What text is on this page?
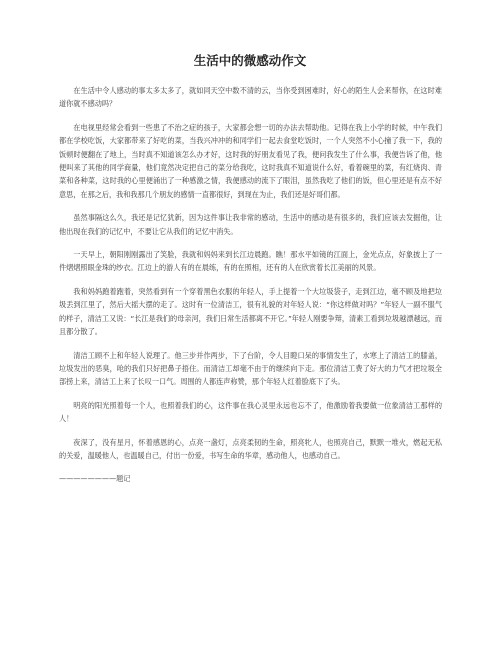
生活中的微感动作文

在生活中令人感动的事太多太多了，就如同天空中数不清的云，当你受到困难时，好心的陌生人会来帮你，在这时难道你就不感动吗？

在电视里经常会看到一些患了不治之症的孩子，大家都会想一切的办法去帮助他。记得在我上小学的时候，中午我们都在学校吃饭，大家都带来了好吃的菜，当我兴冲冲的和同学们一起去食堂吃饭时，一个人突然不小心撞了我一下，我的饭顿时便翻在了地上，当时真不知道该怎么办才好，这时我的好朋友看见了我，便问我发生了什么事，我便告诉了他，他便叫来了其他的同学商量，他们竟然决定把自己的菜分给我吃，这时我真不知道说什么好，看着碗里的菜，有红烧肉、青菜和各种菜，这时我的心里便涌出了一种感激之情，我便感动的流下了眼泪，虽然我吃了他们的饭，但心里还是有点不好意思，在那之后，我和我那几个朋友的感情一直都很好，到现在为止，我们还是好哥们都。

虽然事隔这么久，我还是记忆犹新，因为这件事让我非常的感动，生活中的感动是有很多的，我们应该去发掘他，让他出现在我们的记忆中，不要让它从我们的记忆中消失。

一天早上，朝阳刚刚露出了笑脸，我就和妈妈来到长江边晨跑。瞧！那水平如镜的江面上，金光点点，好象披上了一件熠熠照眼金珠的纱衣。江边上的游人有的在晨练，有的在照相，还有的人在欣赏着长江美丽的风景。

我和妈妈跑着跑着，突然看到有一个穿着黑色衣服的年轻人，手上提着一个大垃圾袋子，走到江边，毫不顾及地把垃圾丢到江里了，然后大摇大摆的走了。这时有一位清洁工，很有礼貌的对年轻人说：“你这样做对吗？”年轻人一副不服气的样子，清洁工又说：“长江是我们的母亲河，我们日常生活都离不开它。”年轻人刚要争辩，清素工看到垃圾越漂越远，而且都分散了。

清洁工顾不上和年轻人说理了。他三步并作两步，下了台阶，令人目瞪口呆的事情发生了，水寒上了清洁工的膝盖，垃圾发出的恶臭，呛的我们只好把鼻子捂住。而清洁工却毫不由于的继续向下走。那位清洁工费了好大的力气才把垃圾全部捞上来，清洁工上来了长叹一口气。周围的人都连声称赞，那个年轻人红着脸底下了头。

明亮的阳光照着每一个人，也照着我们的心，这件事在我心灵里永远也忘不了，他激励着我要做一位象清洁工那样的人！

夜深了，没有星月，怀着感恩的心，点亮一盏灯，点亮柔韧的生命，照亮牝人，也照亮自己，默默一堆火，燃起无私的关爱，温暖他人，也温暖自己，付出一份爱，书写生命的华章，感动他人，也感动自己。

————————题记
